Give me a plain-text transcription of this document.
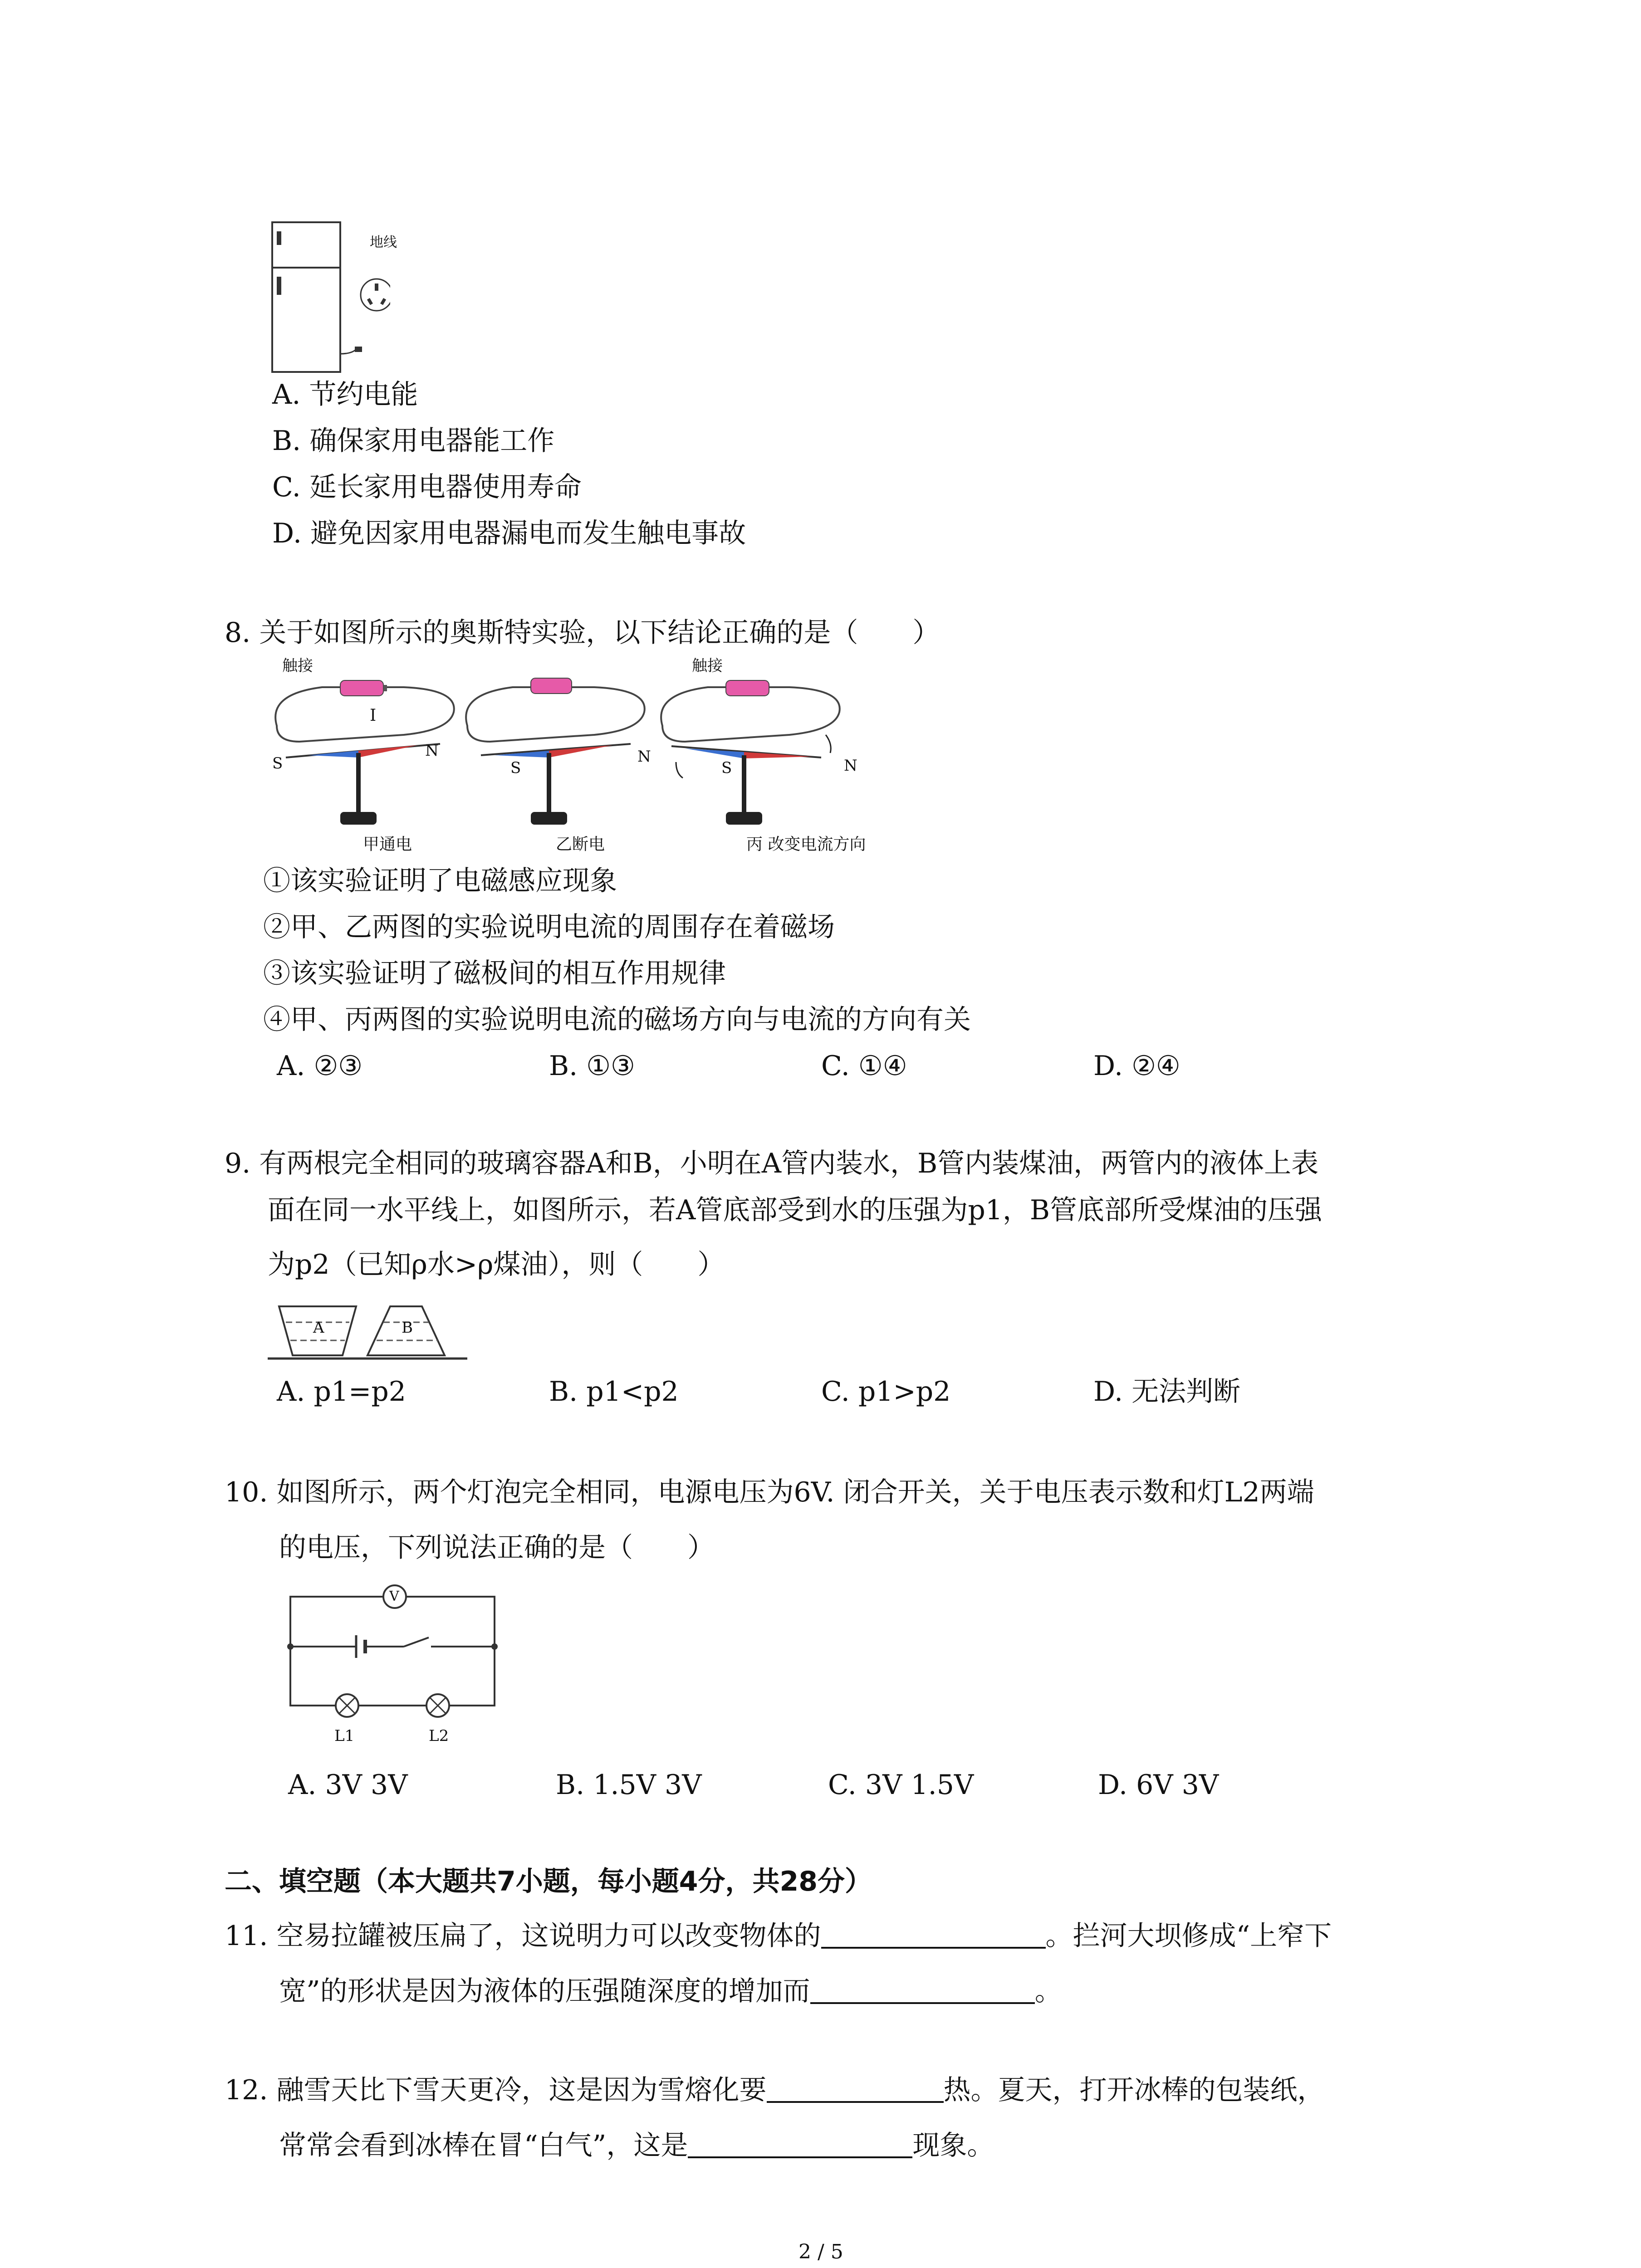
地线
A. 节约电能
B. 确保家用电器能工作
C. 延长家用电器使用寿命
D. 避免因家用电器漏电而发生触电事故
8. 关于如图所示的奥斯特实验，以下结论正确的是（　　）
触接	触接
I
S
N
S
N
S	N
甲通电	乙断电	丙 改变电流方向
①该实验证明了电磁感应现象
②甲、乙两图的实验说明电流的周围存在着磁场
③该实验证明了磁极间的相互作用规律
④甲、丙两图的实验说明电流的磁场方向与电流的方向有关
A. ②③	B. ①③	C. ①④	D. ②④
9. 有两根完全相同的玻璃容器A和B，小明在A管内装水，B管内装煤油，两管内的液体上表
面在同一水平线上，如图所示，若A管底部受到水的压强为p1，B管底部所受煤油的压强
为p2（已知ρ水>ρ煤油），则（　　）
A	B
A. p1=p2	B. p1<p2	C. p1>p2	D. 无法判断
10. 如图所示，两个灯泡完全相同，电源电压为6V. 闭合开关，关于电压表示数和灯L2两端
的电压，下列说法正确的是（　　）
V
L1	L2
A. 3V 3V	B. 1.5V 3V	C. 3V 1.5V	D. 6V 3V
二、填空题（本大题共7小题，每小题4分，共28分）
11. 空易拉罐被压扁了，这说明力可以改变物体的	。拦河大坝修成“上窄下
宽”的形状是因为液体的压强随深度的增加而	。
12. 融雪天比下雪天更冷，这是因为雪熔化要	热。夏天，打开冰棒的包装纸，
常常会看到冰棒在冒“白气”，这是	现象。
2 / 5
